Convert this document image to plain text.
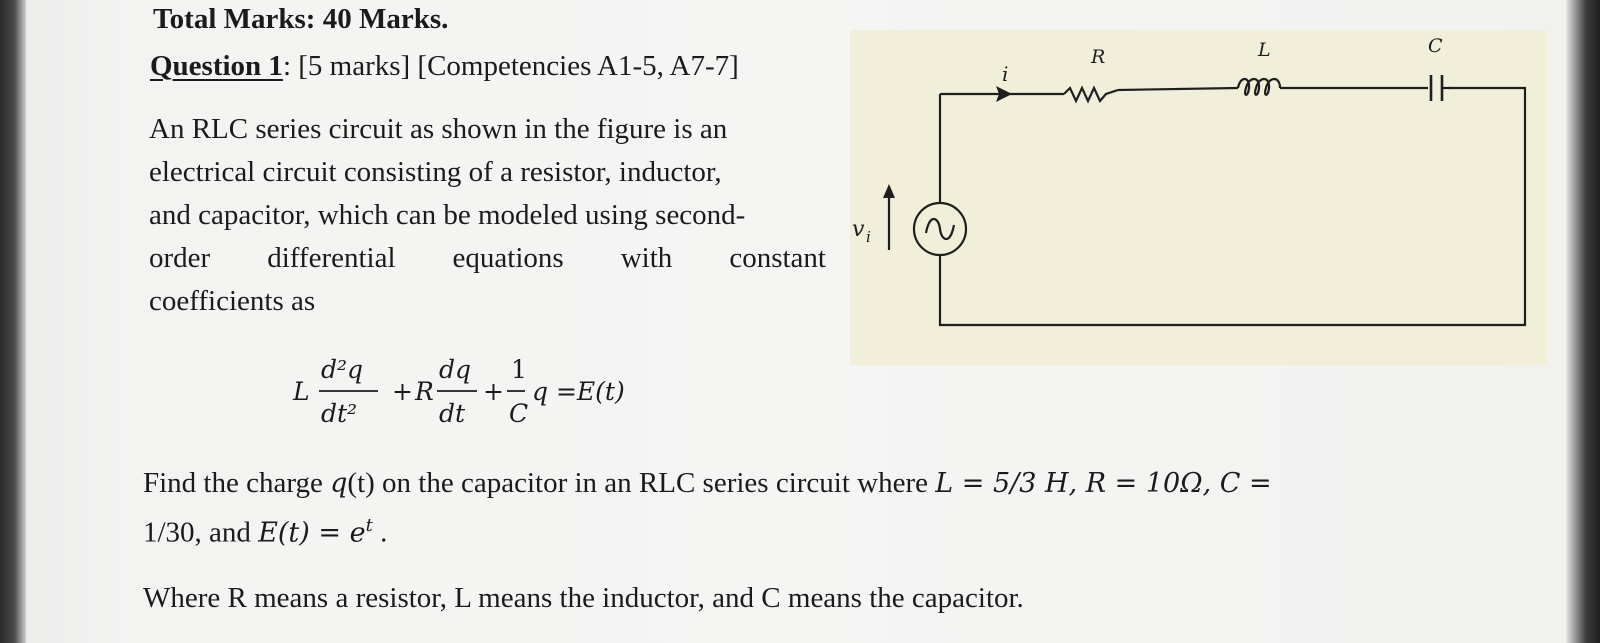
Total Marks: 40 Marks.
Question 1: [5 marks] [Competencies A1-5, A7-7]
An RLC series circuit as shown in the figure is an
electrical circuit consisting of a resistor, inductor,
and capacitor, which can be modeled using second-
order differential equations with constant
coefficients as
i
R	L	C
v i
L
d²q
dt²
+ R
dq
dt
+
1
C
q =E(t)
Find the charge q(t) on the capacitor in an RLC series circuit where L = 5/3 H, R = 10Ω, C =
1/30, and $E(t) = e^t$ .
Where R means a resistor, L means the inductor, and C means the capacitor.
